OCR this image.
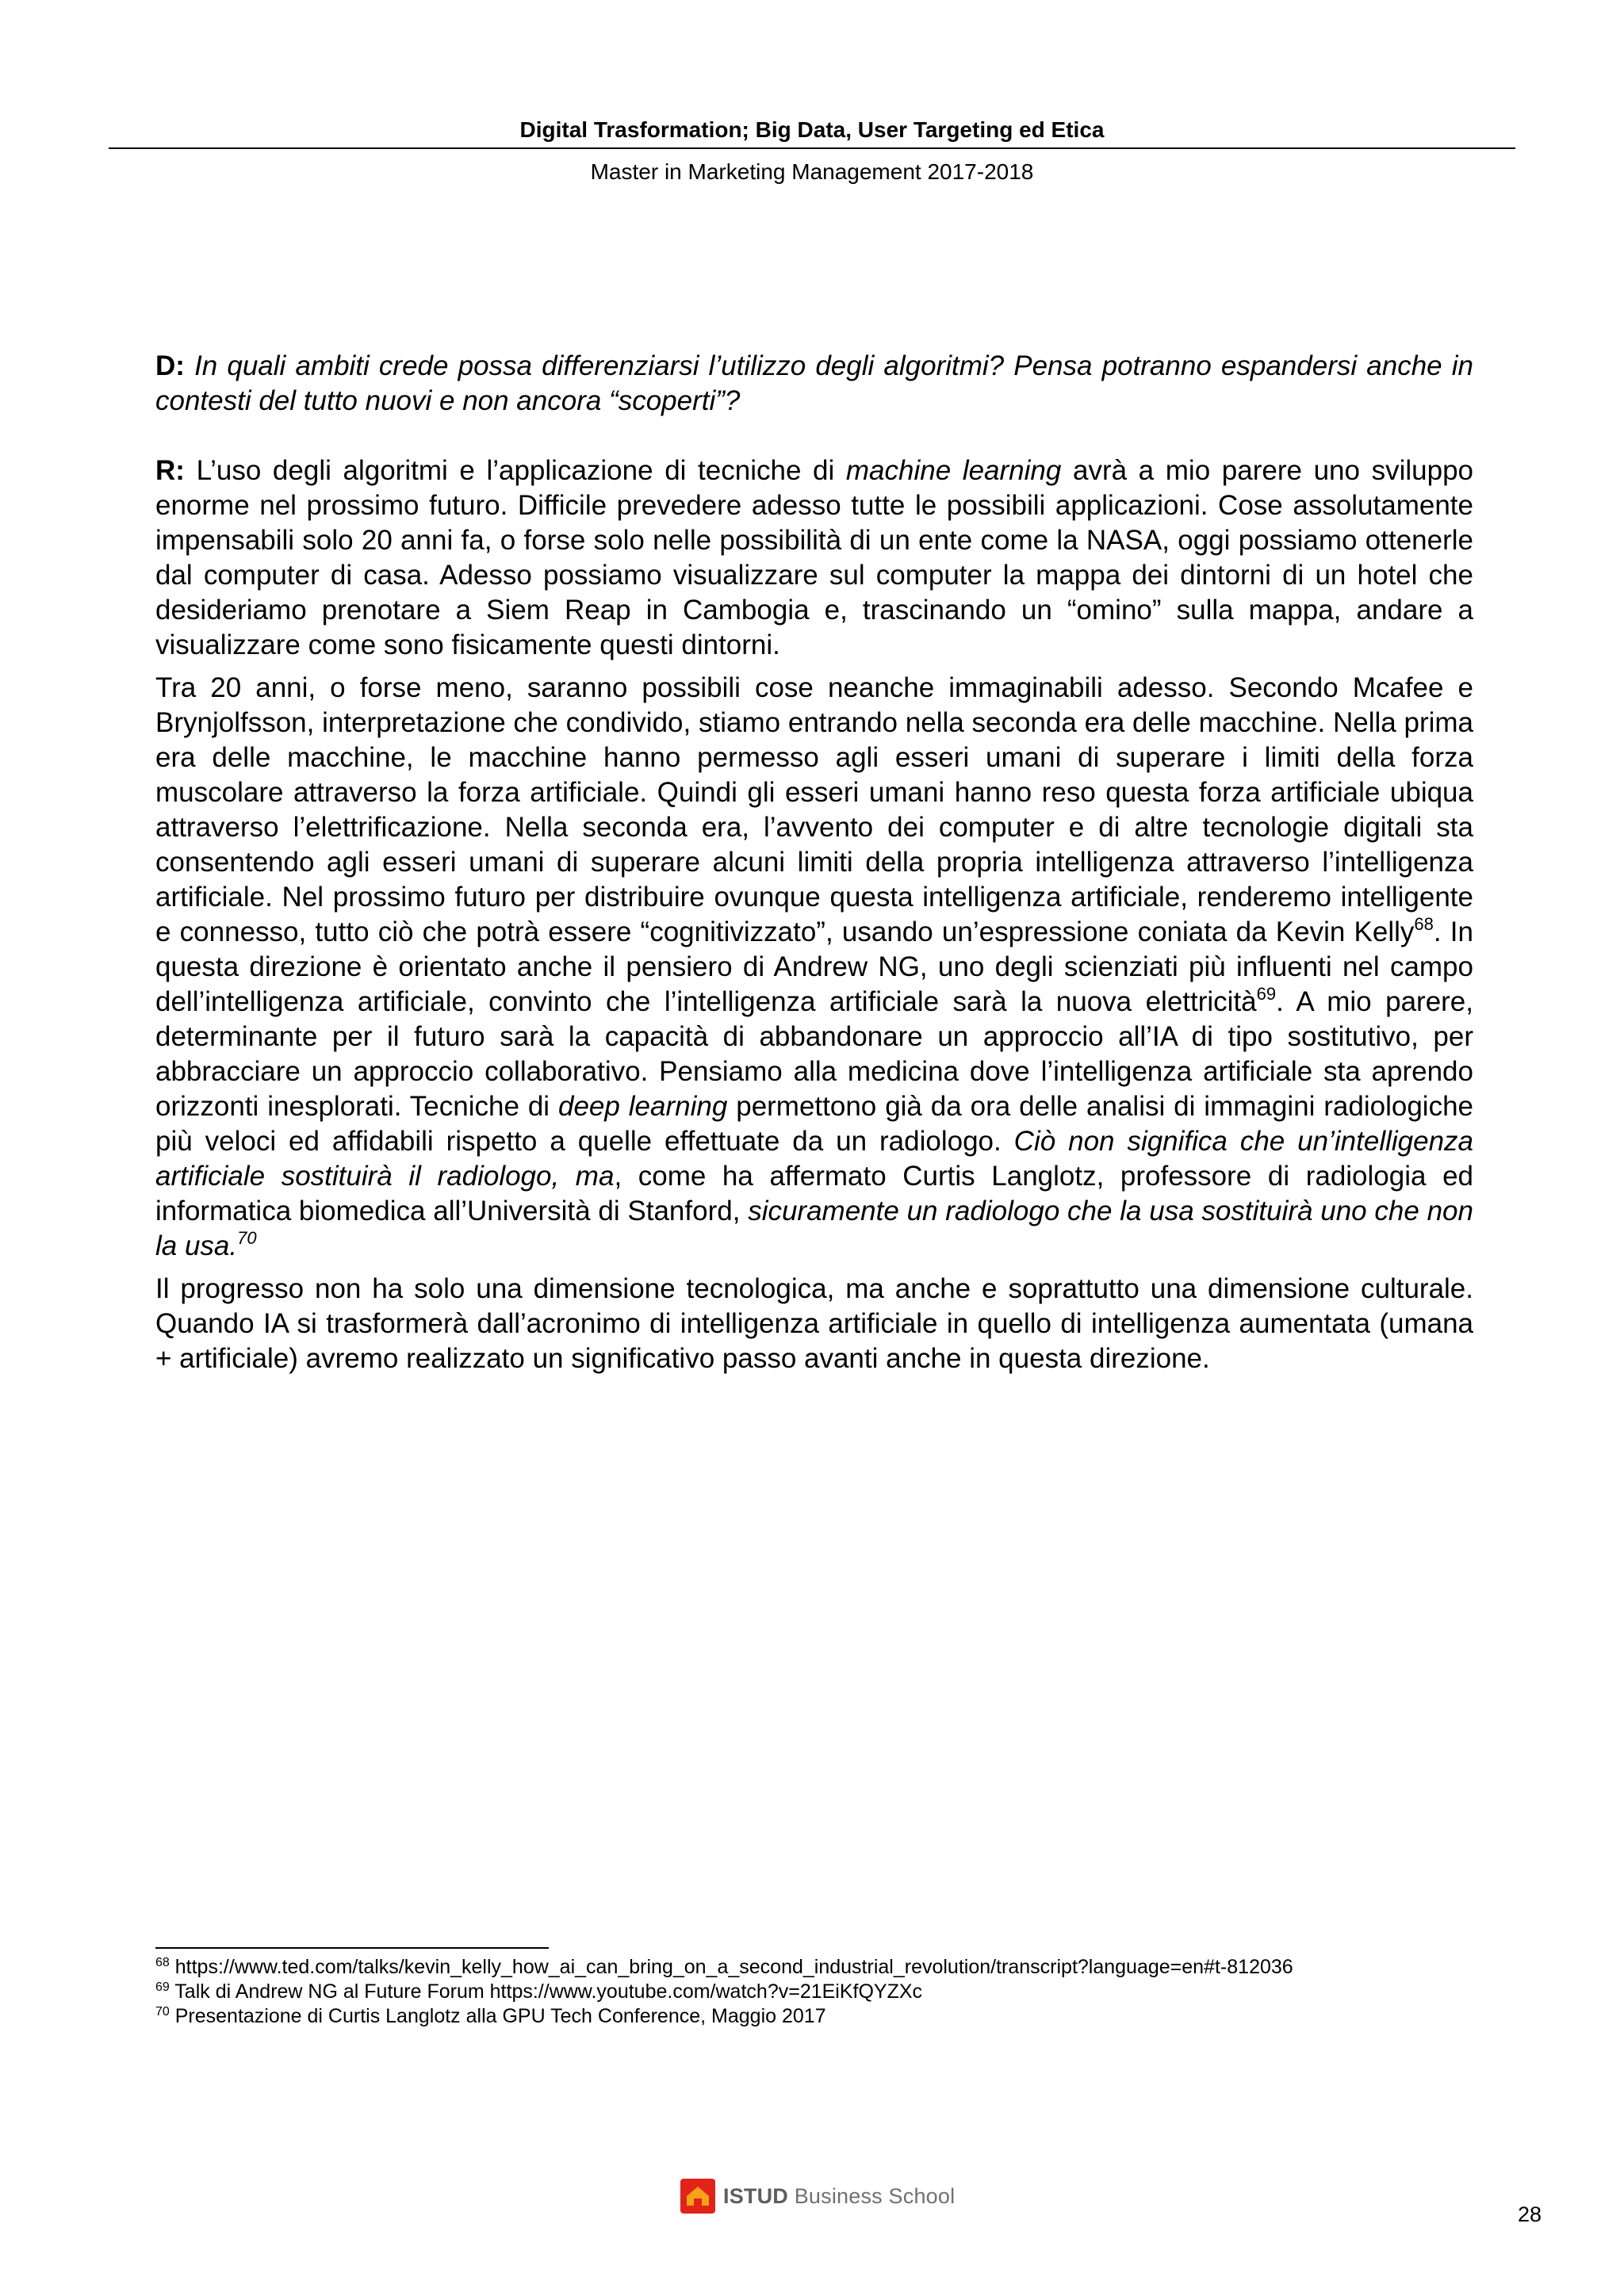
Digital Trasformation; Big Data, User Targeting ed Etica
Master in Marketing Management 2017-2018

D: In quali ambiti crede possa differenziarsi l’utilizzo degli algoritmi? Pensa potranno espandersi anche in contesti del tutto nuovi e non ancora “scoperti”?

R: L’uso degli algoritmi e l’applicazione di tecniche di machine learning avrà a mio parere uno sviluppo enorme nel prossimo futuro. Difficile prevedere adesso tutte le possibili applicazioni. Cose assolutamente impensabili solo 20 anni fa, o forse solo nelle possibilità di un ente come la NASA, oggi possiamo ottenerle dal computer di casa. Adesso possiamo visualizzare sul computer la mappa dei dintorni di un hotel che desideriamo prenotare a Siem Reap in Cambogia e, trascinando un “omino” sulla mappa, andare a visualizzare come sono fisicamente questi dintorni.

Tra 20 anni, o forse meno, saranno possibili cose neanche immaginabili adesso. Secondo Mcafee e Brynjolfsson, interpretazione che condivido, stiamo entrando nella seconda era delle macchine. Nella prima era delle macchine, le macchine hanno permesso agli esseri umani di superare i limiti della forza muscolare attraverso la forza artificiale. Quindi gli esseri umani hanno reso questa forza artificiale ubiqua attraverso l’elettrificazione. Nella seconda era, l’avvento dei computer e di altre tecnologie digitali sta consentendo agli esseri umani di superare alcuni limiti della propria intelligenza attraverso l’intelligenza artificiale. Nel prossimo futuro per distribuire ovunque questa intelligenza artificiale, renderemo intelligente e connesso, tutto ciò che potrà essere “cognitivizzato”, usando un’espressione coniata da Kevin Kelly$^{68}$. In questa direzione è orientato anche il pensiero di Andrew NG, uno degli scienziati più influenti nel campo dell’intelligenza artificiale, convinto che l’intelligenza artificiale sarà la nuova elettricità$^{69}$. A mio parere, determinante per il futuro sarà la capacità di abbandonare un approccio all’IA di tipo sostitutivo, per abbracciare un approccio collaborativo. Pensiamo alla medicina dove l’intelligenza artificiale sta aprendo orizzonti inesplorati. Tecniche di deep learning permettono già da ora delle analisi di immagini radiologiche più veloci ed affidabili rispetto a quelle effettuate da un radiologo. Ciò non significa che un’intelligenza artificiale sostituirà il radiologo, ma, come ha affermato Curtis Langlotz, professore di radiologia ed informatica biomedica all’Università di Stanford, sicuramente un radiologo che la usa sostituirà uno che non la usa.$^{70}$

Il progresso non ha solo una dimensione tecnologica, ma anche e soprattutto una dimensione culturale. Quando IA si trasformerà dall’acronimo di intelligenza artificiale in quello di intelligenza aumentata (umana + artificiale) avremo realizzato un significativo passo avanti anche in questa direzione.

$^{68}$ https://www.ted.com/talks/kevin_kelly_how_ai_can_bring_on_a_second_industrial_revolution/transcript?language=en#t-812036
$^{69}$ Talk di Andrew NG al Future Forum https://www.youtube.com/watch?v=21EiKfQYZXc
$^{70}$ Presentazione di Curtis Langlotz alla GPU Tech Conference, Maggio 2017
ISTUD Business School
28
